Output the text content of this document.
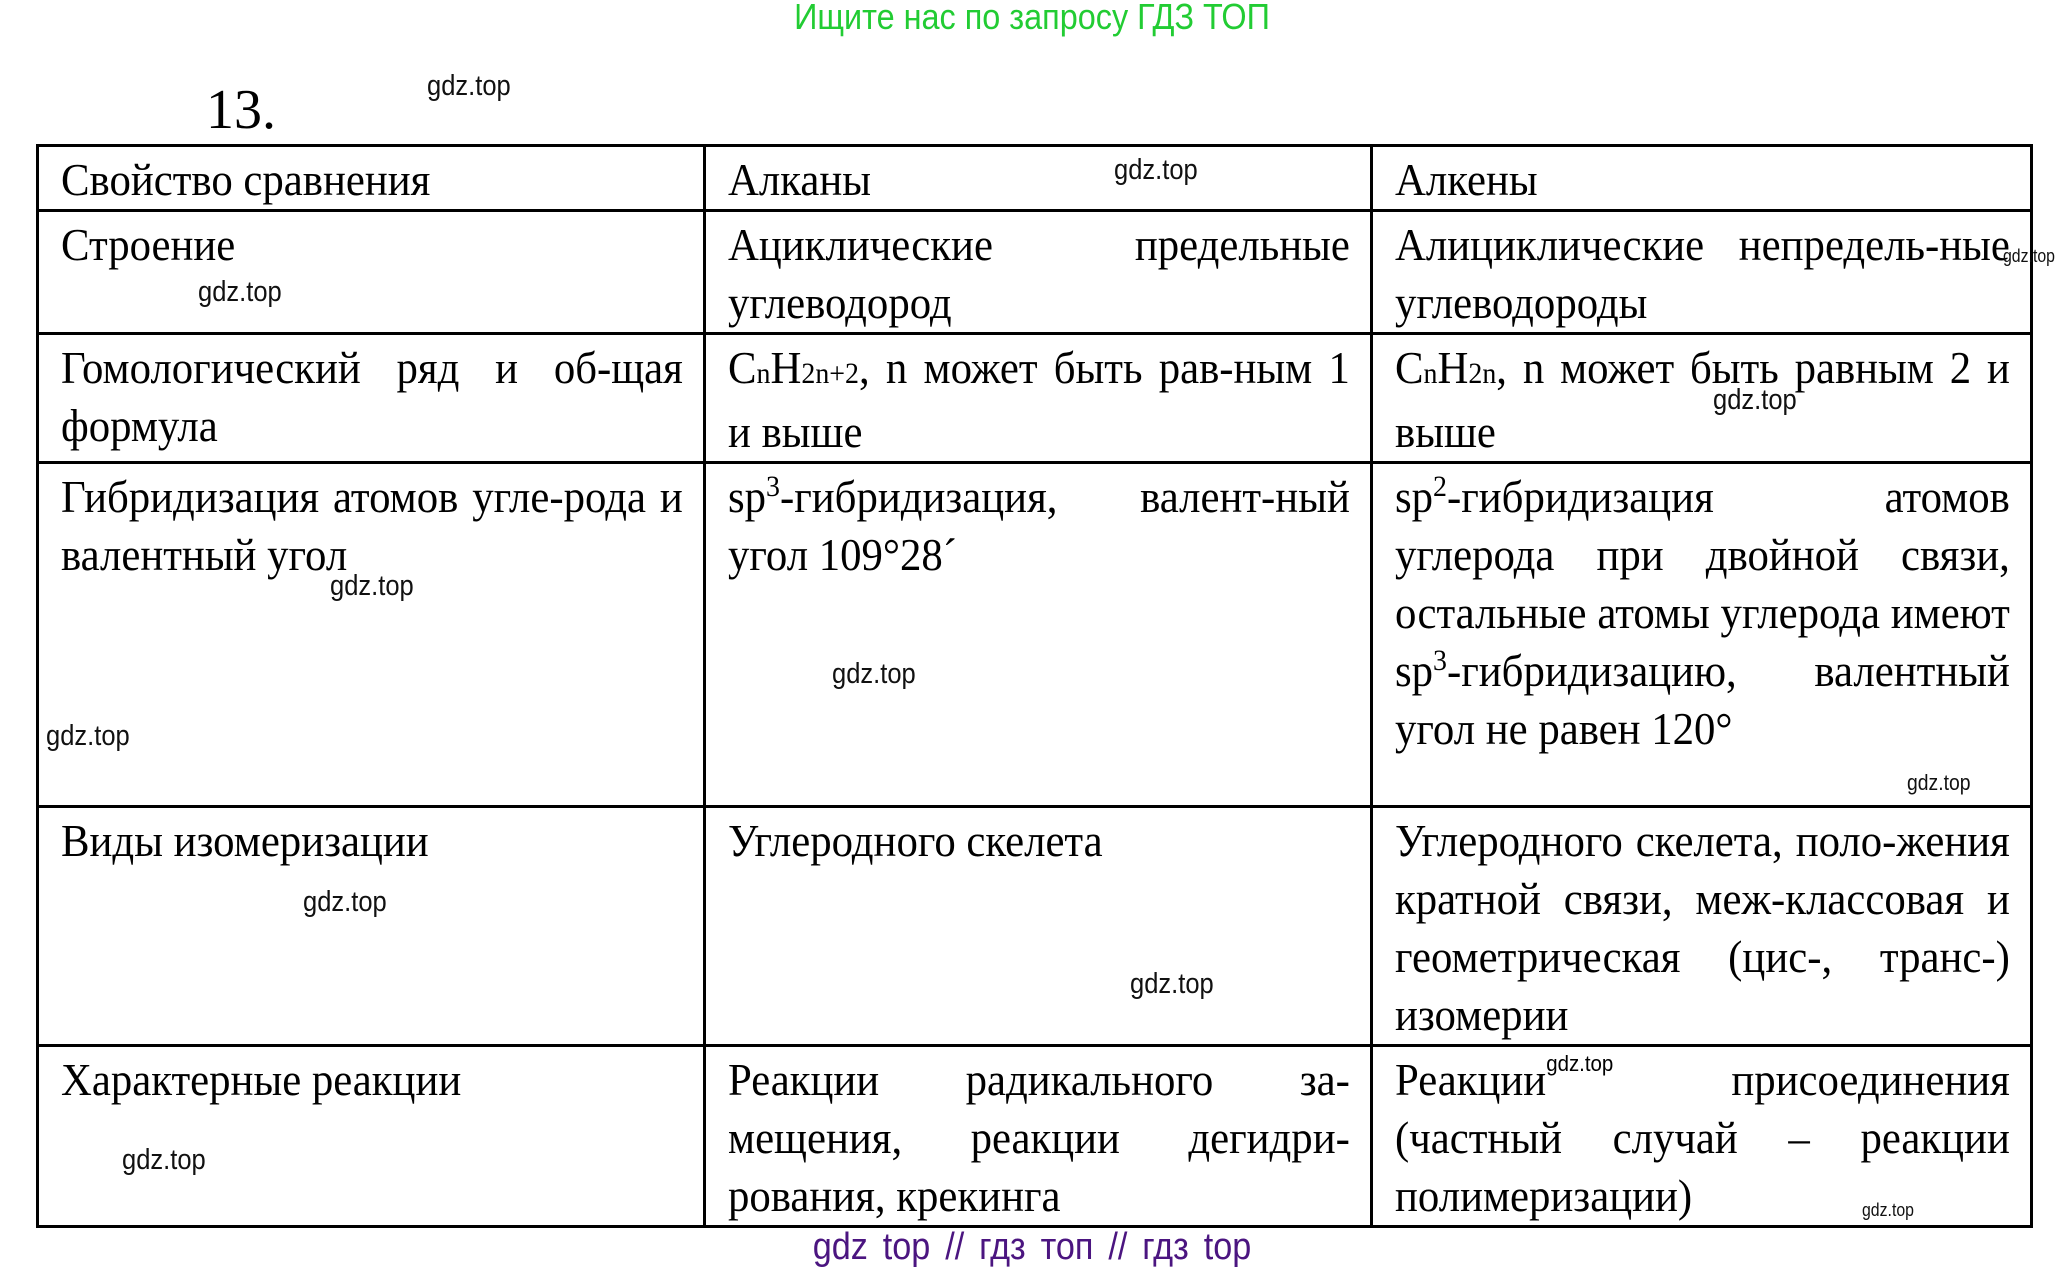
Ищите нас по запросу ГДЗ ТОП
13.
Свойство сравнения	Алканы	Алкены

Строение	Ациклические предельные углеводород	Алициклические непредель-ные углеводороды

Гомологический ряд и об-щая формула	CnH2n+2, n может быть рав-ным 1 и выше	CnH2n, n может быть равным 2 и выше

Гибридизация атомов угле-рода и валентный угол	$sp^3$-гибридизация, валент-ный угол 109°28´	$sp^2$-гибридизация атомов углерода при двойной связи, остальные атомы углерода имеют $sp^3$-гибридизацию, валентный угол не равен 120°

Виды изомеризации	Углеродного скелета	Углеродного скелета, поло-жения кратной связи, меж-классовая и геометрическая (цис-, транс-) изомерии

Характерные реакции	Реакции радикального за-мещения, реакции дегидри-рования, крекинга	Реакции$^{gdz.top}$ присоединения (частный случай – реакции полимеризации)
gdz.top
gdz.top
gdz.top
gdz.top
gdz.top
gdz.top
gdz.top
gdz.top
gdz.top
gdz.top
gdz.top
gdz.top
gdz.top
gdz top // гдз топ // гдз top
